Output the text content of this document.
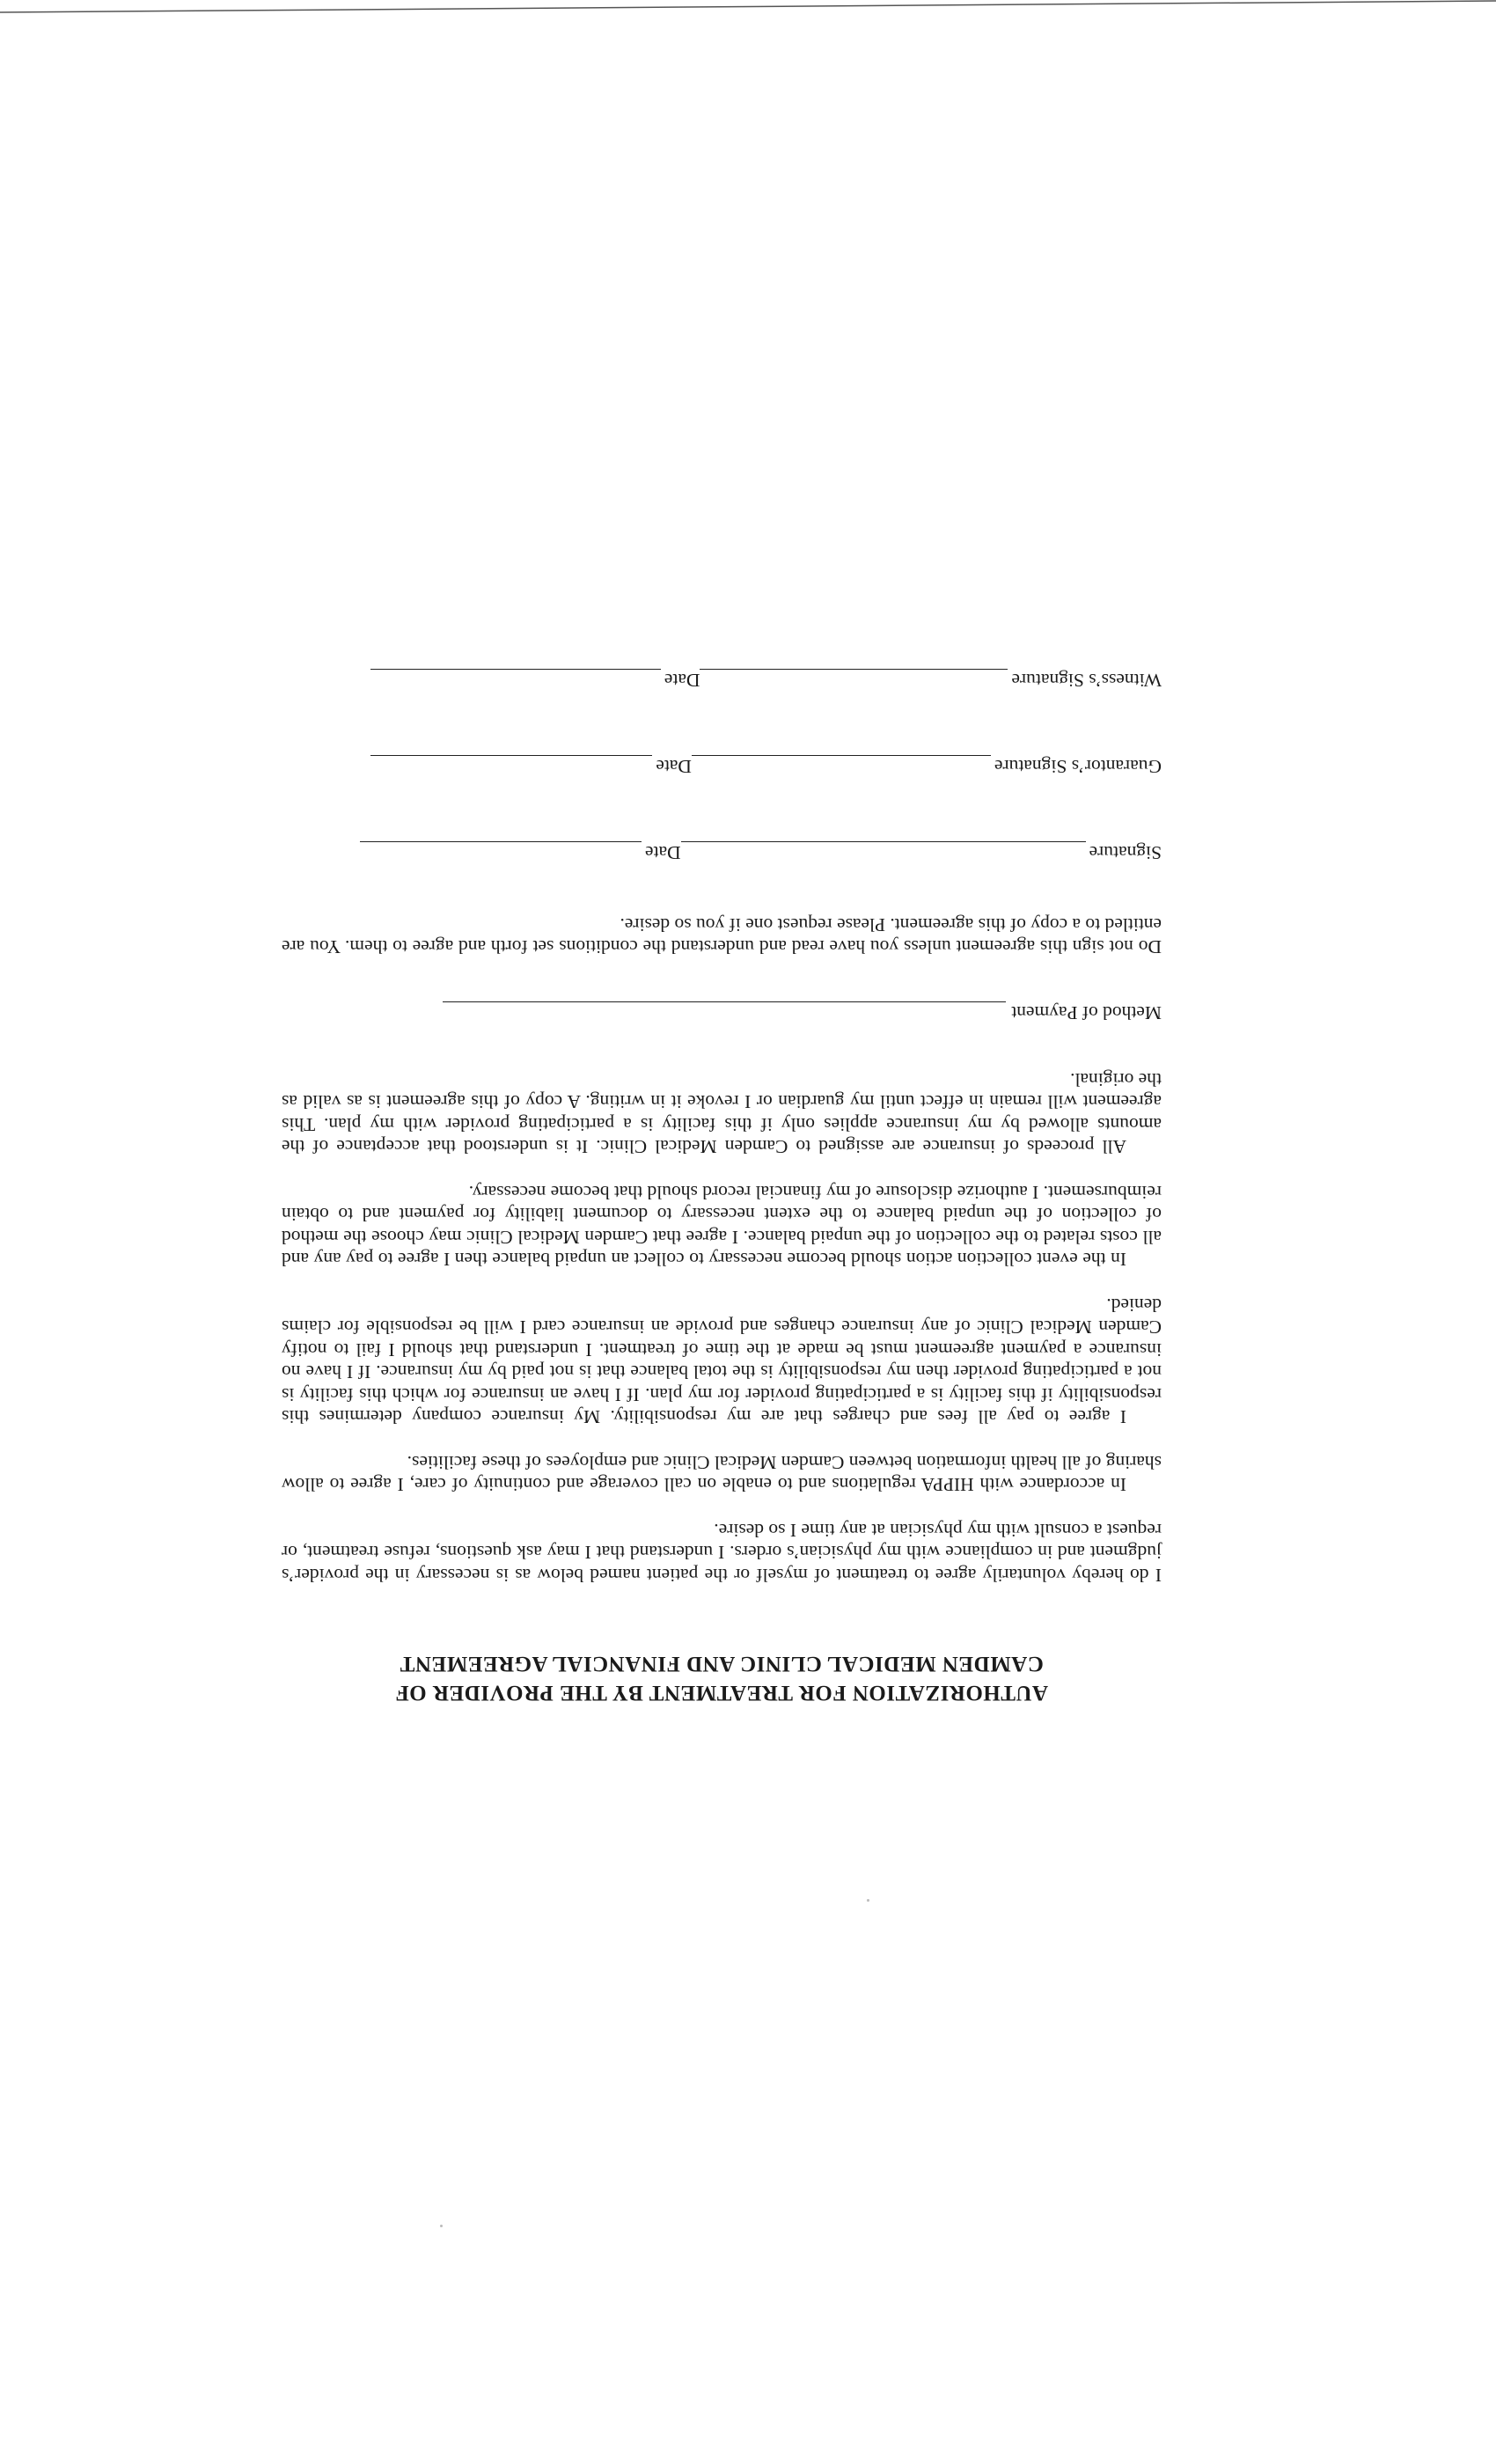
AUTHORIZATION FOR TREATMENT BY THE PROVIDER OF
CAMDEN MEDICAL CLINIC AND FINANCIAL AGREEMENT

I do hereby voluntarily agree to treatment of myself or the patient named below as is necessary in the provider’s judgment and in compliance with my physician’s orders. I understand that I may ask questions, refuse treatment, or request a consult with my physician at any time I so desire.

In accordance with HIPPA regulations and to enable on call coverage and continuity of care, I agree to allow sharing of all health information between Camden Medical Clinic and employees of these facilities.

I agree to pay all fees and charges that are my responsibility. My insurance company determines this responsibility if this facility is a participating provider for my plan. If I have an insurance for which this facility is not a participating provider then my responsibility is the total balance that is not paid by my insurance. If I have no insurance a payment agreement must be made at the time of treatment. I understand that should I fail to notify Camden Medical Clinic of any insurance changes and provide an insurance card I will be responsible for claims denied.

In the event collection action should become necessary to collect an unpaid balance then I agree to pay any and all costs related to the collection of the unpaid balance. I agree that Camden Medical Clinic may choose the method of collection of the unpaid balance to the extent necessary to document liability for payment and to obtain reimbursement. I authorize disclosure of my financial record should that become necessary.

All proceeds of insurance are assigned to Camden Medical Clinic. It is understood that acceptance of the amounts allowed by my insurance applies only if this facility is a participating provider with my plan. This agreement will remain in effect until my guardian or I revoke it in writing. A copy of this agreement is as valid as the original.

Method of Payment

Do not sign this agreement unless you have read and understand the conditions set forth and agree to them. You are entitled to a copy of this agreement. Please request one if you so desire.

Signature
Date
Guarantor’s Signature
Date
Witness’s Signature
Date
